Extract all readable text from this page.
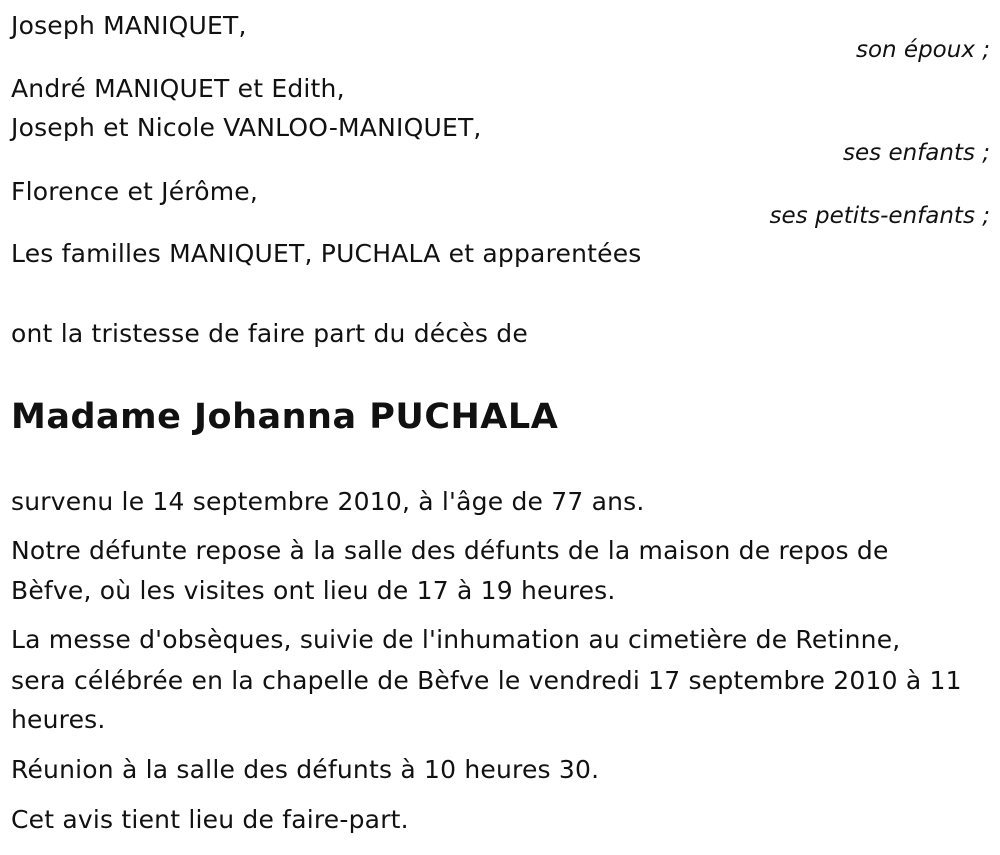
Joseph MANIQUET,
son époux ;
André MANIQUET et Edith,
Joseph et Nicole VANLOO-MANIQUET,
ses enfants ;
Florence et Jérôme,
ses petits-enfants ;
Les familles MANIQUET, PUCHALA et apparentées
ont la tristesse de faire part du décès de
Madame Johanna PUCHALA
survenu le 14 septembre 2010, à l'âge de 77 ans.
Notre défunte repose à la salle des défunts de la maison de repos de
Bèfve, où les visites ont lieu de 17 à 19 heures.
La messe d'obsèques, suivie de l'inhumation au cimetière de Retinne,
sera célébrée en la chapelle de Bèfve le vendredi 17 septembre 2010 à 11
heures.
Réunion à la salle des défunts à 10 heures 30.
Cet avis tient lieu de faire-part.
